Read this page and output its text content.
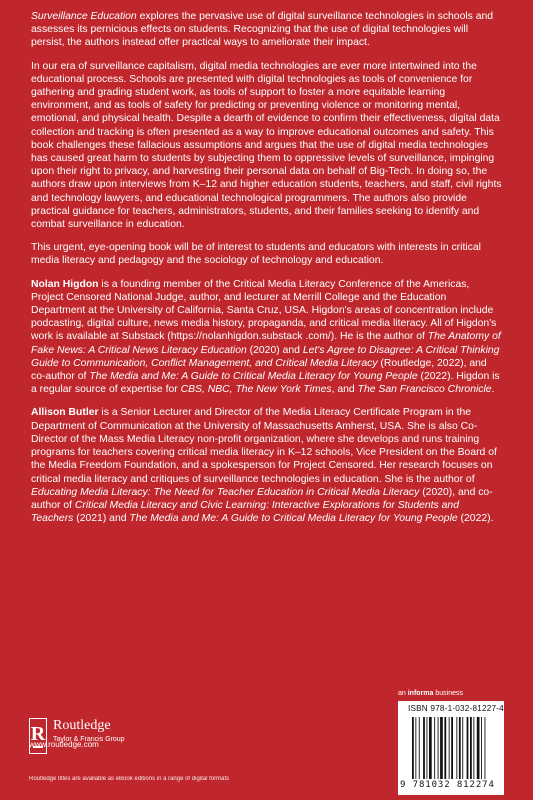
Surveillance Education explores the pervasive use of digital surveillance technologies in schools and assesses its pernicious effects on students. Recognizing that the use of digital technologies will persist, the authors instead offer practical ways to ameliorate their impact.

In our era of surveillance capitalism, digital media technologies are ever more intertwined into the educational process. Schools are presented with digital technologies as tools of convenience for gathering and grading student work, as tools of support to foster a more equitable learning environment, and as tools of safety for predicting or preventing violence or monitoring mental, emotional, and physical health. Despite a dearth of evidence to confirm their effectiveness, digital data collection and tracking is often presented as a way to improve educational outcomes and safety. This book challenges these fallacious assumptions and argues that the use of digital media technologies has caused great harm to students by subjecting them to oppressive levels of surveillance, impinging upon their right to privacy, and harvesting their personal data on behalf of Big-Tech. In doing so, the authors draw upon interviews from K–12 and higher education students, teachers, and staff, civil rights and technology lawyers, and educational technological programmers. The authors also provide practical guidance for teachers, administrators, students, and their families seeking to identify and combat surveillance in education.

This urgent, eye-opening book will be of interest to students and educators with interests in critical media literacy and pedagogy and the sociology of technology and education.

Nolan Higdon is a founding member of the Critical Media Literacy Conference of the Americas, Project Censored National Judge, author, and lecturer at Merrill College and the Education Department at the University of California, Santa Cruz, USA. Higdon's areas of concentration include podcasting, digital culture, news media history, propaganda, and critical media literacy. All of Higdon's work is available at Substack (https://nolanhigdon.substack .com/). He is the author of The Anatomy of Fake News: A Critical News Literacy Education (2020) and Let's Agree to Disagree: A Critical Thinking Guide to Communication, Conflict Management, and Critical Media Literacy (Routledge, 2022), and co-author of The Media and Me: A Guide to Critical Media Literacy for Young People (2022). Higdon is a regular source of expertise for CBS, NBC, The New York Times, and The San Francisco Chronicle.

Allison Butler is a Senior Lecturer and Director of the Media Literacy Certificate Program in the Department of Communication at the University of Massachusetts Amherst, USA. She is also Co-Director of the Mass Media Literacy non-profit organization, where she develops and runs training programs for teachers covering critical media literacy in K–12 schools, Vice President on the Board of the Media Freedom Foundation, and a spokesperson for Project Censored. Her research focuses on critical media literacy and critiques of surveillance technologies in education. She is the author of Educating Media Literacy: The Need for Teacher Education in Critical Media Literacy (2020), and co-author of Critical Media Literacy and Civic Learning: Interactive Explorations for Students and Teachers (2021) and The Media and Me: A Guide to Critical Media Literacy for Young People (2022).

R Routledge
Taylor & Francis Group
www.routledge.com
Routledge titles are available as eBook editions in a range of digital formats
an informa business
ISBN 978-1-032-81227-4
9 781032 812274
